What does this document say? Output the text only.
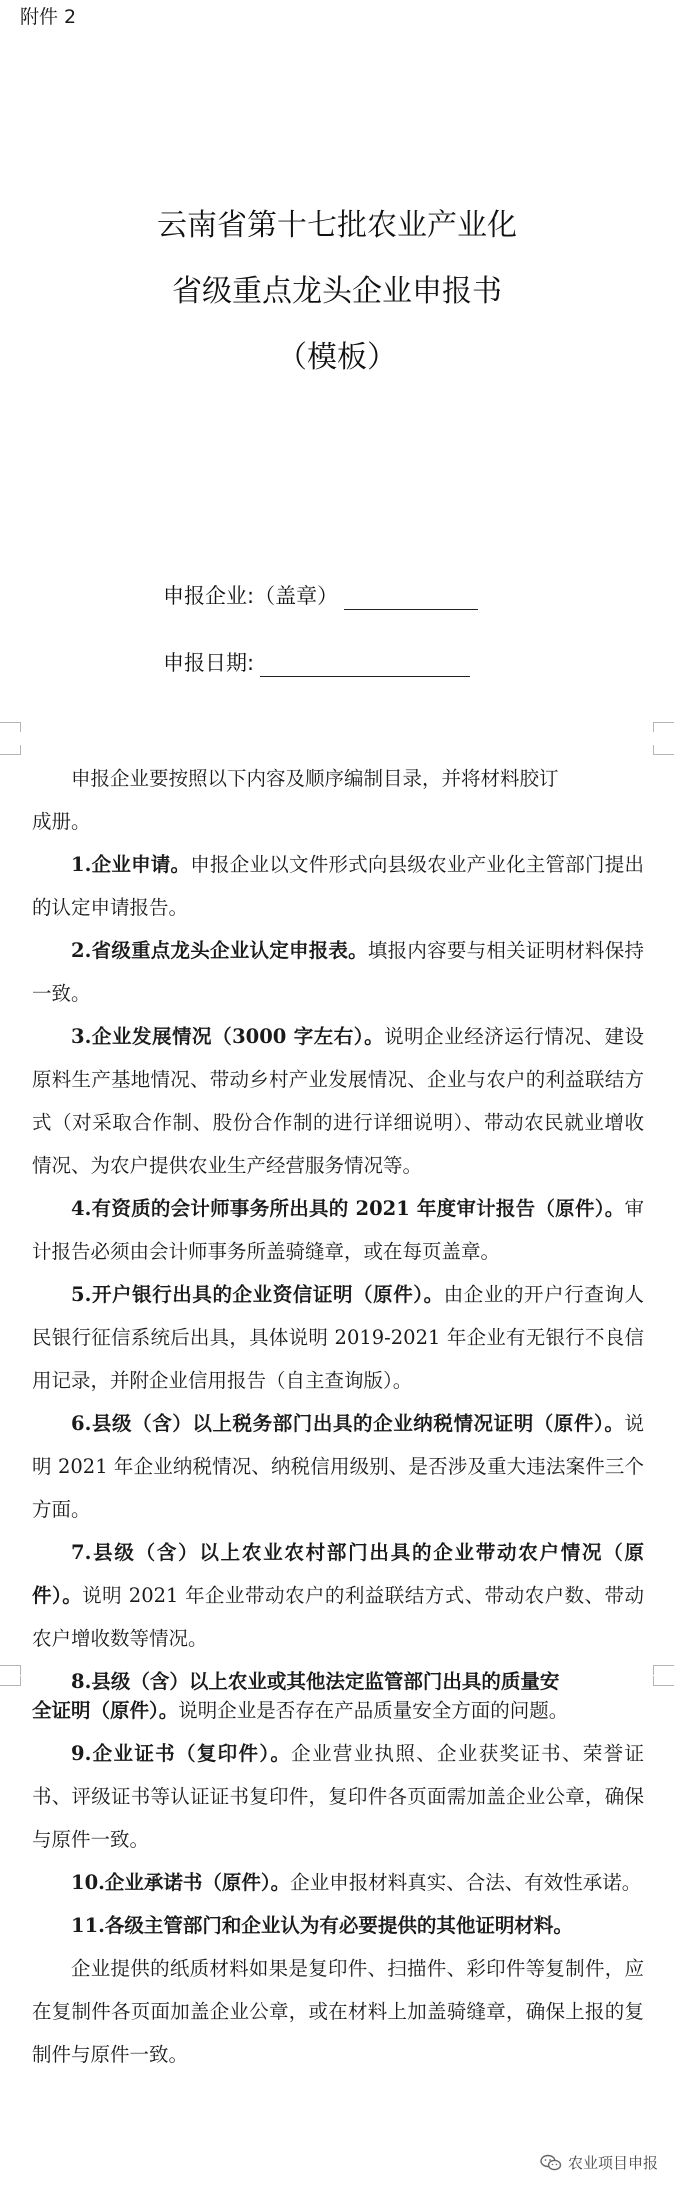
附件 2
云南省第十七批农业产业化
省级重点龙头企业申报书
（模板）
申报企业:（盖章）
申报日期:

申报企业要按照以下内容及顺序编制目录，并将材料胶订

成册。

1.企业申请。申报企业以文件形式向县级农业产业化主管部门提出的认定申请报告。

2.省级重点龙头企业认定申报表。填报内容要与相关证明材料保持一致。

3.企业发展情况（3000 字左右）。说明企业经济运行情况、建设原料生产基地情况、带动乡村产业发展情况、企业与农户的利益联结方式（对采取合作制、股份合作制的进行详细说明）、带动农民就业增收情况、为农户提供农业生产经营服务情况等。

4.有资质的会计师事务所出具的 2021 年度审计报告（原件）。审计报告必须由会计师事务所盖骑缝章，或在每页盖章。

5.开户银行出具的企业资信证明（原件）。由企业的开户行查询人民银行征信系统后出具，具体说明 2019-2021 年企业有无银行不良信用记录，并附企业信用报告（自主查询版）。

6.县级（含）以上税务部门出具的企业纳税情况证明（原件）。说明 2021 年企业纳税情况、纳税信用级别、是否涉及重大违法案件三个方面。

7.县级（含）以上农业农村部门出具的企业带动农户情况（原件）。说明 2021 年企业带动农户的利益联结方式、带动农户数、带动农户增收数等情况。

8.县级（含）以上农业或其他法定监管部门出具的质量安

全证明（原件）。说明企业是否存在产品质量安全方面的问题。

9.企业证书（复印件）。企业营业执照、企业获奖证书、荣誉证书、评级证书等认证证书复印件，复印件各页面需加盖企业公章，确保与原件一致。

10.企业承诺书（原件）。企业申报材料真实、合法、有效性承诺。

11.各级主管部门和企业认为有必要提供的其他证明材料。

企业提供的纸质材料如果是复印件、扫描件、彩印件等复制件，应在复制件各页面加盖企业公章，或在材料上加盖骑缝章，确保上报的复制件与原件一致。

农业项目申报
